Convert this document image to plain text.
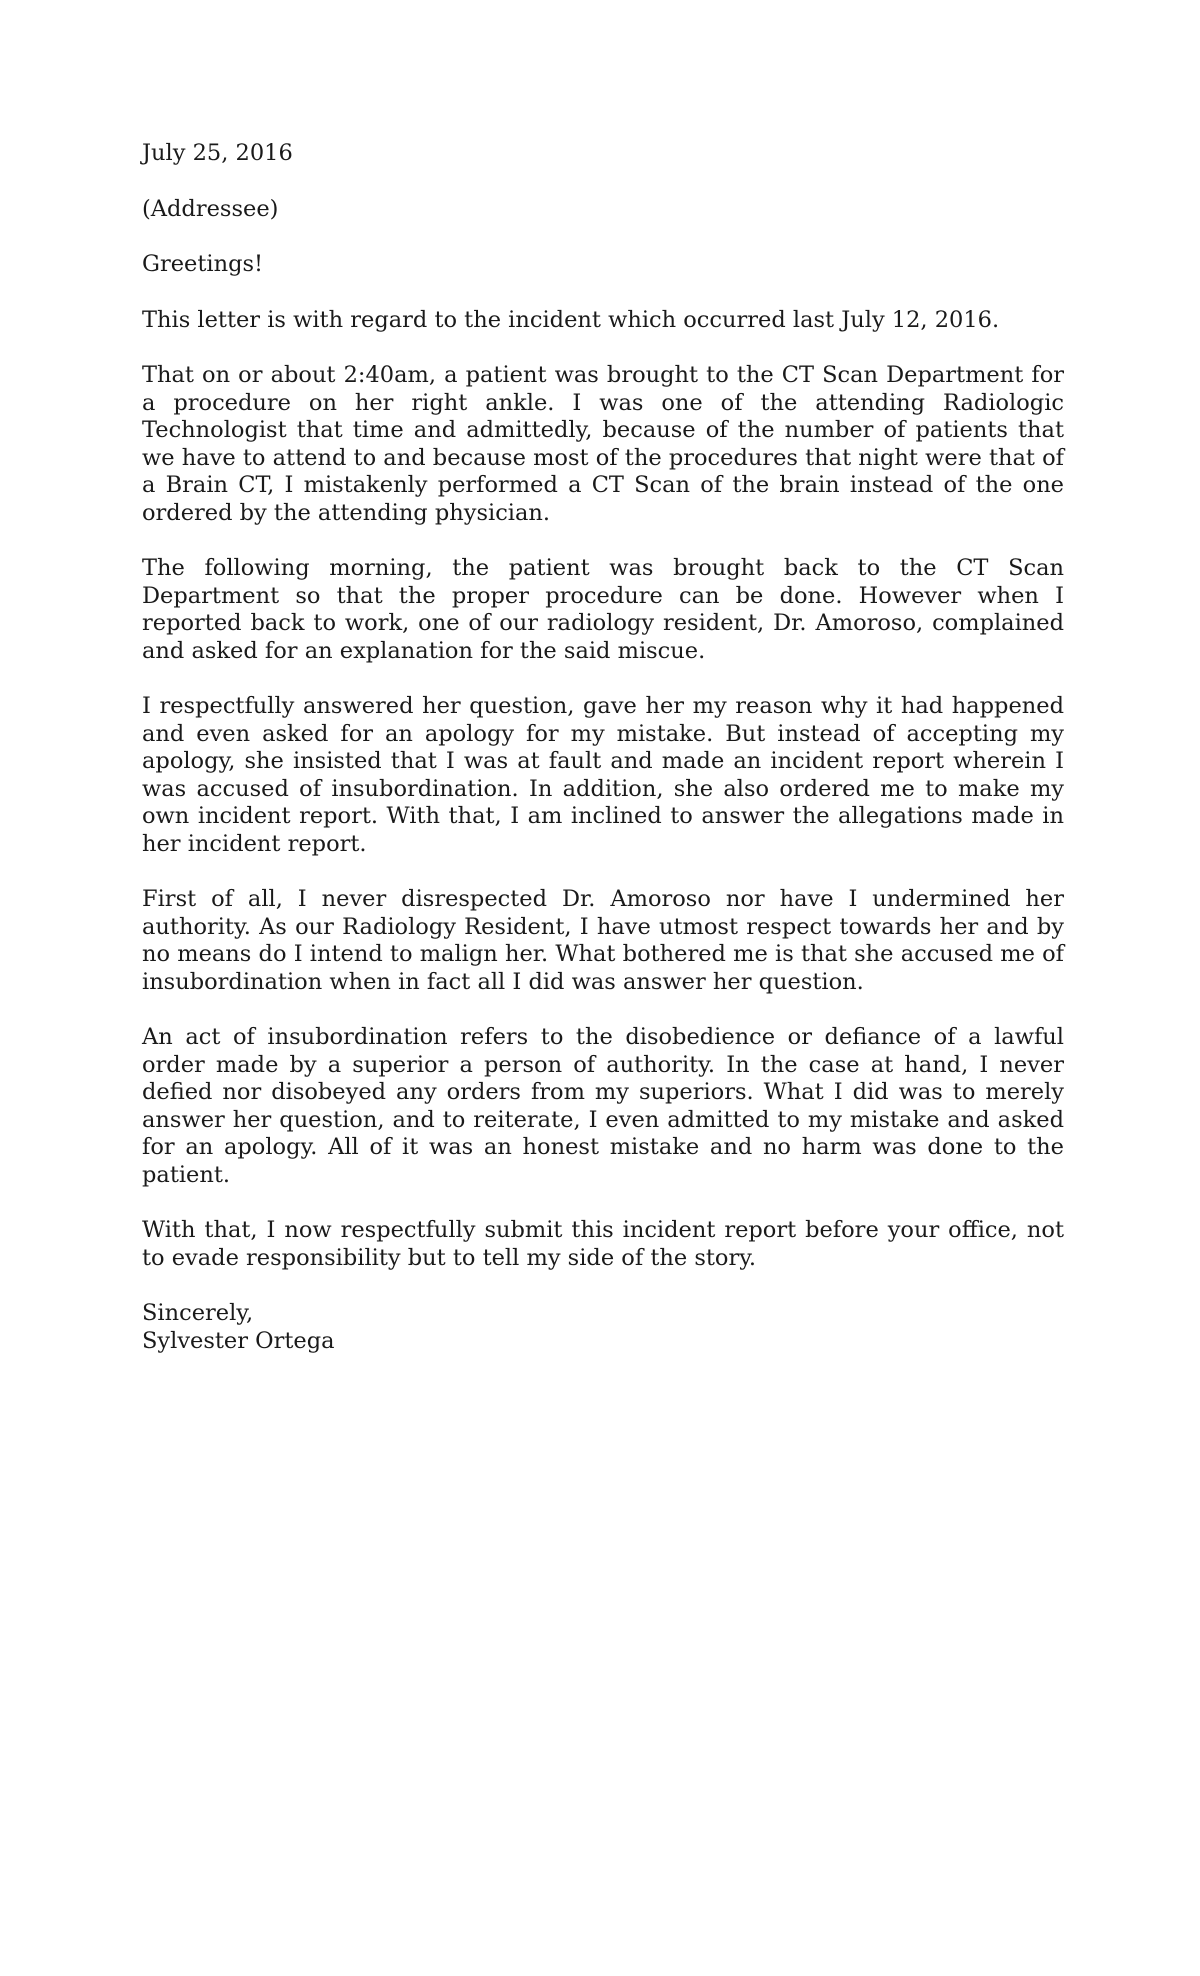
July 25, 2016

(Addressee)

Greetings!

This letter is with regard to the incident which occurred last July 12, 2016.

That on or about 2:40am, a patient was brought to the CT Scan Department for a procedure on her right ankle. I was one of the attending Radiologic Technologist that time and admittedly, because of the number of patients that we have to attend to and because most of the procedures that night were that of a Brain CT, I mistakenly performed a CT Scan of the brain instead of the one ordered by the attending physician.

The following morning, the patient was brought back to the CT Scan Department so that the proper procedure can be done. However when I reported back to work, one of our radiology resident, Dr. Amoroso, complained and asked for an explanation for the said miscue.

I respectfully answered her question, gave her my reason why it had happened and even asked for an apology for my mistake. But instead of accepting my apology, she insisted that I was at fault and made an incident report wherein I was accused of insubordination. In addition, she also ordered me to make my own incident report. With that, I am inclined to answer the allegations made in her incident report.

First of all, I never disrespected Dr. Amoroso nor have I undermined her authority. As our Radiology Resident, I have utmost respect towards her and by no means do I intend to malign her. What bothered me is that she accused me of insubordination when in fact all I did was answer her question.

An act of insubordination refers to the disobedience or defiance of a lawful order made by a superior a person of authority. In the case at hand, I never defied nor disobeyed any orders from my superiors. What I did was to merely answer her question, and to reiterate, I even admitted to my mistake and asked for an apology. All of it was an honest mistake and no harm was done to the patient.

With that, I now respectfully submit this incident report before your office, not to evade responsibility but to tell my side of the story.

Sincerely,

Sylvester Ortega
